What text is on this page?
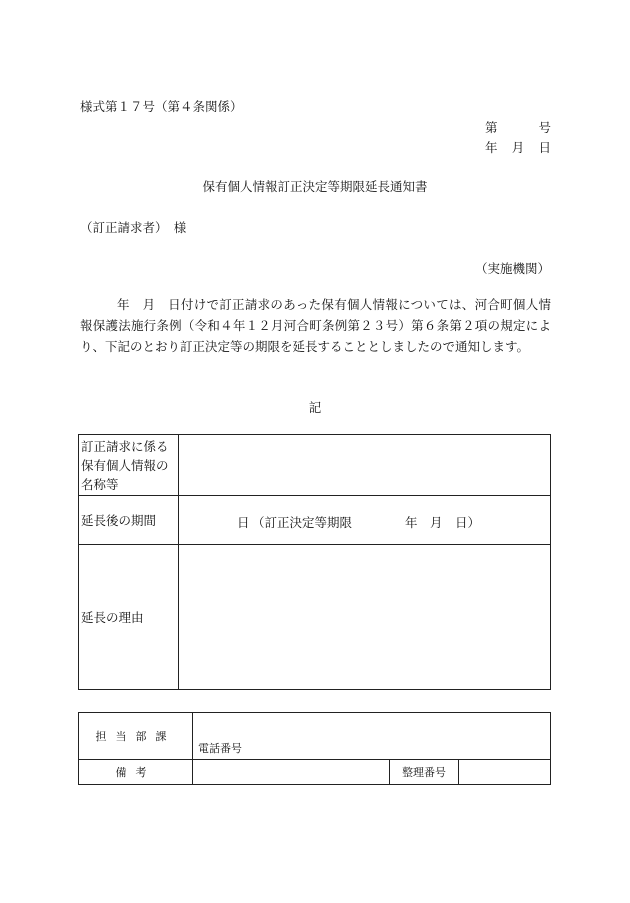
様式第１７号（第４条関係）
第　　　号
年　月　日
保有個人情報訂正決定等期限延長通知書
（訂正請求者）　様
（実施機関）
年　月　日付けで訂正請求のあった保有個人情報については、河合町個人情報保護法施行条例（令和４年１２月河合町条例第２３号）第６条第２項の規定により、下記のとおり訂正決定等の期限を延長することとしましたので通知します。
記
訂正請求に係る保有個人情報の名称等	
延長後の期間	日 （訂正決定等期限 年　月　日）

延長の理由	
担当部課	電話番号		
備考		整理番号	
